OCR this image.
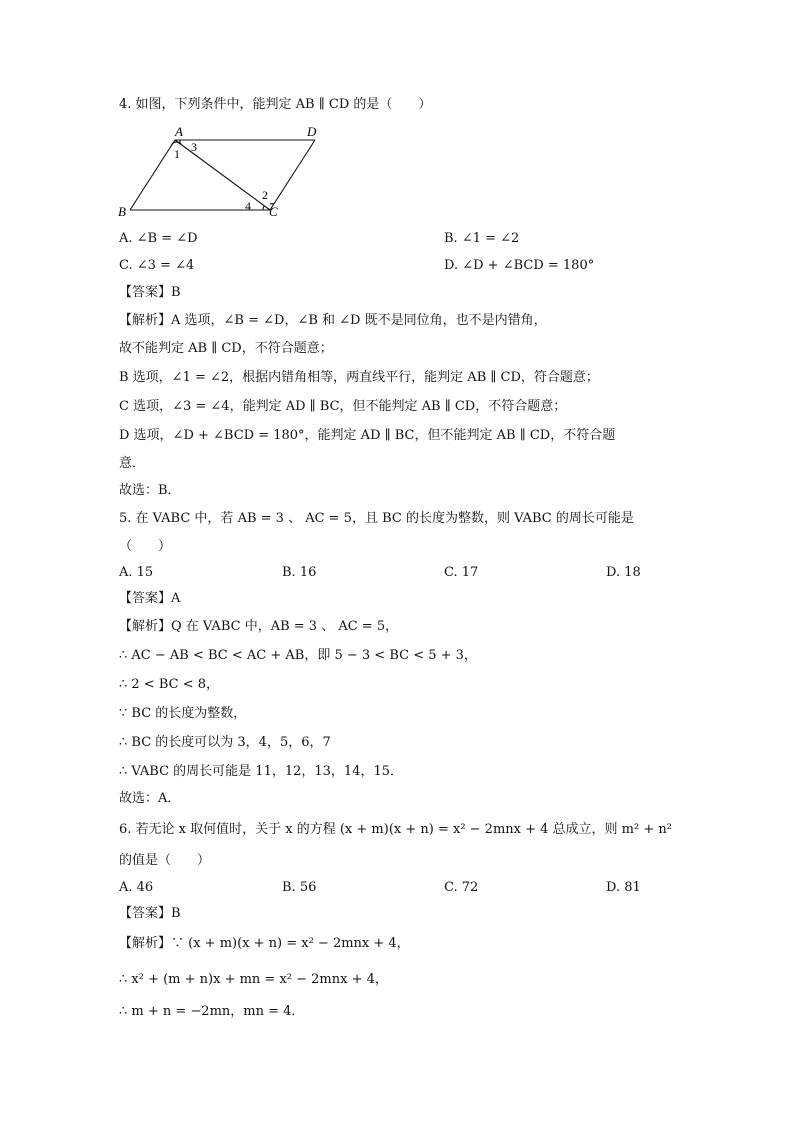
4. 如图，下列条件中，能判定 AB ∥ CD 的是（　　）
A	D
B	C
1 3
2
4
A. ∠B = ∠D	B. ∠1 = ∠2
C. ∠3 = ∠4	D. ∠D + ∠BCD = 180°
【答案】B
【解析】A 选项，∠B = ∠D，∠B 和 ∠D 既不是同位角，也不是内错角，
故不能判定 AB ∥ CD，不符合题意；
B 选项，∠1 = ∠2，根据内错角相等，两直线平行，能判定 AB ∥ CD，符合题意；
C 选项，∠3 = ∠4，能判定 AD ∥ BC，但不能判定 AB ∥ CD，不符合题意；
D 选项，∠D + ∠BCD = 180°，能判定 AD ∥ BC，但不能判定 AB ∥ CD，不符合题
意．
故选：B．
5. 在 VABC 中，若 AB = 3 、 AC = 5，且 BC 的长度为整数，则 VABC 的周长可能是
（　　）
A. 15	B. 16	C. 17	D. 18
【答案】A
【解析】Q 在 VABC 中，AB = 3 、 AC = 5，
∴ AC − AB < BC < AC + AB，即 5 − 3 < BC < 5 + 3，
∴ 2 < BC < 8，
∵ BC 的长度为整数，
∴ BC 的长度可以为 3，4，5，6，7
∴ VABC 的周长可能是 11，12，13，14，15．
故选：A．
6. 若无论 x 取何值时，关于 x 的方程 (x + m)(x + n) = x² − 2mnx + 4 总成立，则 m² + n²
的值是（　　）
A. 46	B. 56	C. 72	D. 81
【答案】B
【解析】∵ (x + m)(x + n) = x² − 2mnx + 4，
∴ x² + (m + n)x + mn = x² − 2mnx + 4，
∴ m + n = −2mn，mn = 4．
